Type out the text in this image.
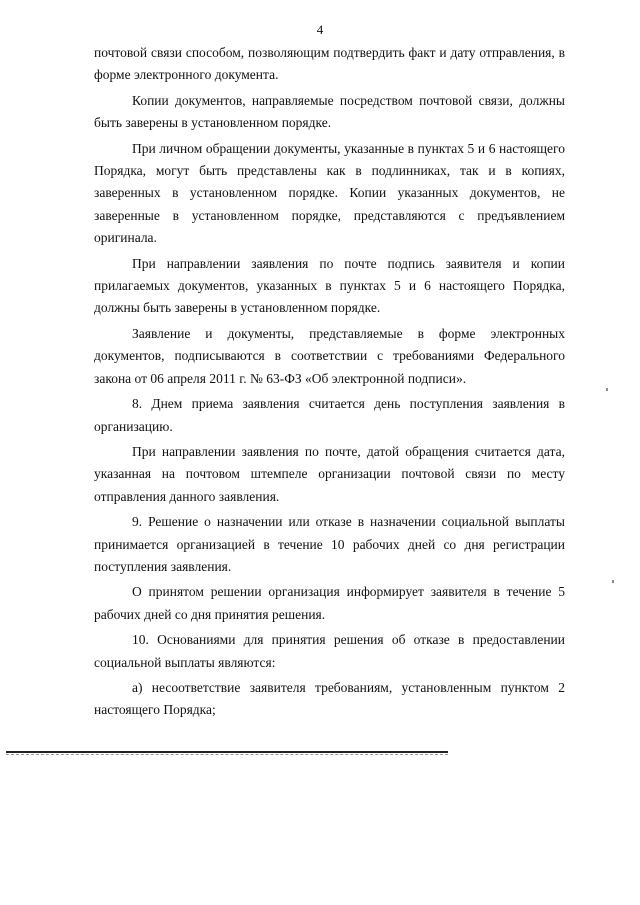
4

почтовой связи способом, позволяющим подтвердить факт и дату отправления, в форме электронного документа.

Копии документов, направляемые посредством почтовой связи, должны быть заверены в установленном порядке.

При личном обращении документы, указанные в пунктах 5 и 6 настоящего Порядка, могут быть представлены как в подлинниках, так и в копиях, заверенных в установленном порядке. Копии указанных документов, не заверенные в установленном порядке, представляются с предъявлением оригинала.

При направлении заявления по почте подпись заявителя и копии прилагаемых документов, указанных в пунктах 5 и 6 настоящего Порядка, должны быть заверены в установленном порядке.

Заявление и документы, представляемые в форме электронных документов, подписываются в соответствии с требованиями Федерального закона от 06 апреля 2011 г. № 63-ФЗ «Об электронной подписи».

8. Днем приема заявления считается день поступления заявления в организацию.

При направлении заявления по почте, датой обращения считается дата, указанная на почтовом штемпеле организации почтовой связи по месту отправления данного заявления.

9. Решение о назначении или отказе в назначении социальной выплаты принимается организацией в течение 10 рабочих дней со дня регистрации поступления заявления.

О принятом решении организация информирует заявителя в течение 5 рабочих дней со дня принятия решения.

10. Основаниями для принятия решения об отказе в предоставлении социальной выплаты являются:

а) несоответствие заявителя требованиям, установленным пунктом 2 настоящего Порядка;
